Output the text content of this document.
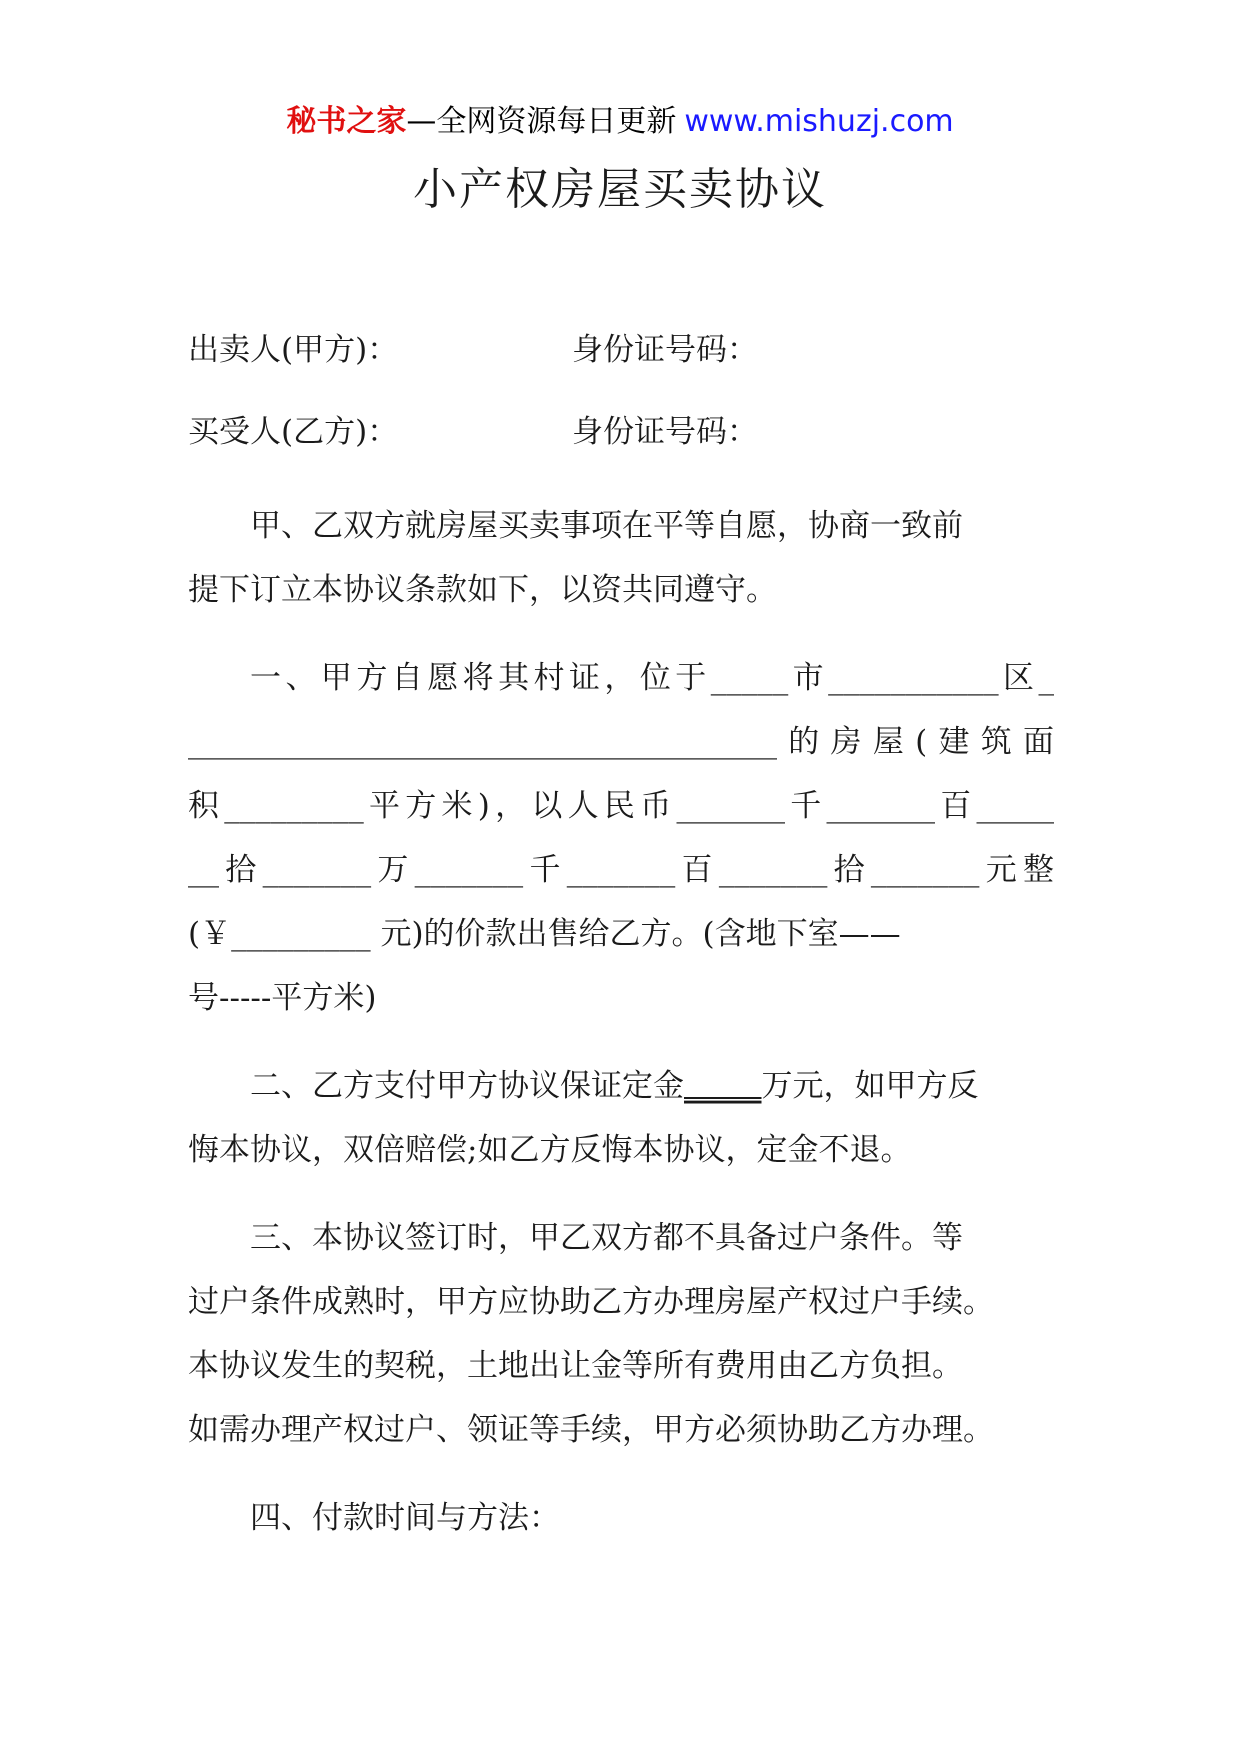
秘书之家—全网资源每日更新 www.mishuzj.com
小产权房屋买卖协议
出卖人(甲方)：	身份证号码：
买受人(乙方)：	身份证号码：

甲、乙双方就房屋买卖事项在平等自愿，协商一致前
提下订立本协议条款如下，以资共同遵守。

一、甲方自愿将其村证，位于_____市___________区_
______________________________________的房屋(建筑面
积_________平方米)，以人民币_______千_______百_____
__拾_______万_______千_______百_______拾_______元整
(￥_________ 元)的价款出售给乙方。(含地下室——
号-----平方米)

二、乙方支付甲方协议保证定金_____万元，如甲方反
悔本协议，双倍赔偿;如乙方反悔本协议，定金不退。

三、本协议签订时，甲乙双方都不具备过户条件。等
过户条件成熟时，甲方应协助乙方办理房屋产权过户手续。
本协议发生的契税，土地出让金等所有费用由乙方负担。
如需办理产权过户、领证等手续，甲方必须协助乙方办理。

四、付款时间与方法：
